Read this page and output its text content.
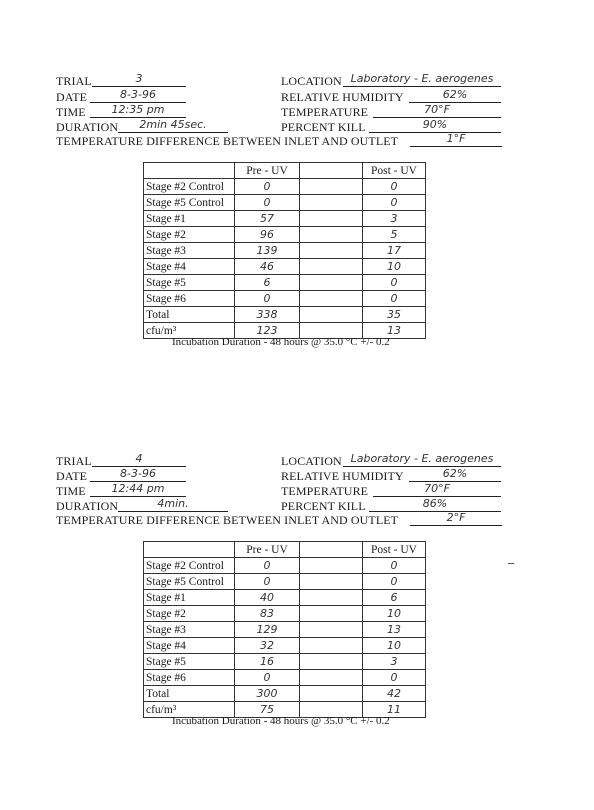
TRIAL	3
DATE	8-3-96
TIME	12:35 pm
DURATION	2min 45sec.
LOCATION Laboratory - E. aerogenes
RELATIVE HUMIDITY	62%
TEMPERATURE	70°F
PERCENT KILL	90%
TEMPERATURE DIFFERENCE BETWEEN INLET AND OUTLET	1°F
	Pre - UV		Post - UV
Stage #2 Control	0		0
Stage #5 Control	0		0
Stage #1	57		3
Stage #2	96		5
Stage #3	139		17
Stage #4	46		10
Stage #5	6		0
Stage #6	0		0
Total	338		35
cfu/m³	123		13
Incubation Duration - 48 hours @ 35.0 °C +/- 0.2
TRIAL	4
DATE	8-3-96
TIME	12:44 pm
DURATION	4min.
LOCATION Laboratory - E. aerogenes
RELATIVE HUMIDITY	62%
TEMPERATURE	70°F
PERCENT KILL	86%
TEMPERATURE DIFFERENCE BETWEEN INLET AND OUTLET	2°F
	Pre - UV		Post - UV
Stage #2 Control	0		0
Stage #5 Control	0		0
Stage #1	40		6
Stage #2	83		10
Stage #3	129		13
Stage #4	32		10
Stage #5	16		3
Stage #6	0		0
Total	300		42
cfu/m³	75		11
Incubation Duration - 48 hours @ 35.0 °C +/- 0.2
